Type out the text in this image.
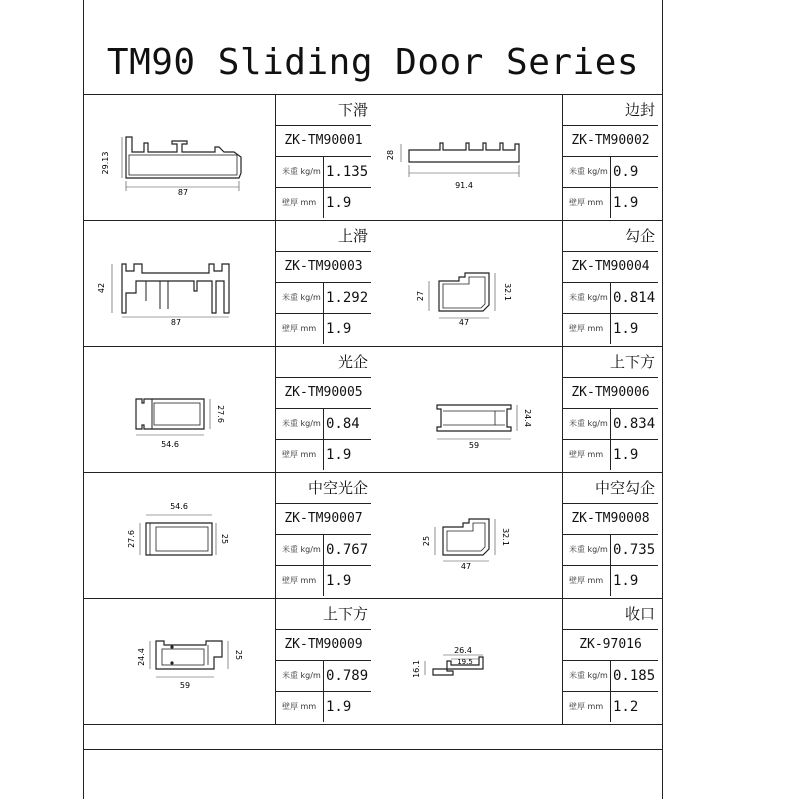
TM90 Sliding Door Series
29.13
87
下滑
ZK-TM90001
米重 kg/m 1.135
壁厚 mm 1.9
28
91.4
边封
ZK-TM90002
米重 kg/m 0.9
壁厚 mm 1.9
42
87
上滑
ZK-TM90003
米重 kg/m 1.292
壁厚 mm 1.9
27	32.1
47
勾企
ZK-TM90004
米重 kg/m 0.814
壁厚 mm 1.9
54.6
27.6
光企
ZK-TM90005
米重 kg/m 0.84
壁厚 mm 1.9
59
24.4
上下方
ZK-TM90006
米重 kg/m 0.834
壁厚 mm 1.9
54.6
27.6	25
中空光企
ZK-TM90007
米重 kg/m 0.767
壁厚 mm 1.9
25	32.1
47
中空勾企
ZK-TM90008
米重 kg/m 0.735
壁厚 mm 1.9
24.4	25
59
上下方
ZK-TM90009
米重 kg/m 0.789
壁厚 mm 1.9
26.4
19.5
16.1
收口
ZK-97016
米重 kg/m 0.185
壁厚 mm 1.2
